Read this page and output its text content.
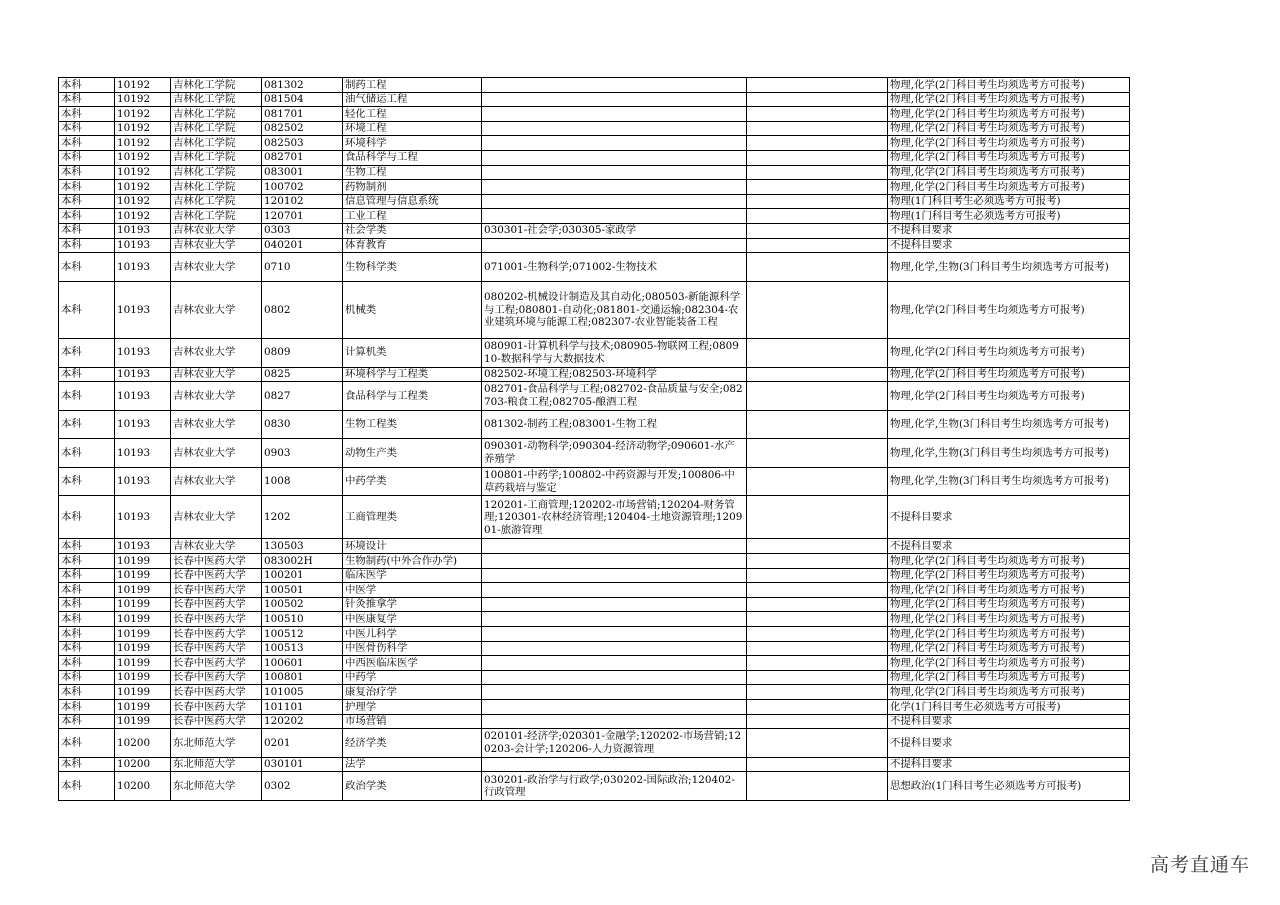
本科	10192	吉林化工学院	081302	制药工程			物理,化学(2门科目考生均须选考方可报考)
本科	10192	吉林化工学院	081504	油气储运工程			物理,化学(2门科目考生均须选考方可报考)
本科	10192	吉林化工学院	081701	轻化工程			物理,化学(2门科目考生均须选考方可报考)
本科	10192	吉林化工学院	082502	环境工程			物理,化学(2门科目考生均须选考方可报考)
本科	10192	吉林化工学院	082503	环境科学			物理,化学(2门科目考生均须选考方可报考)
本科	10192	吉林化工学院	082701	食品科学与工程			物理,化学(2门科目考生均须选考方可报考)
本科	10192	吉林化工学院	083001	生物工程			物理,化学(2门科目考生均须选考方可报考)
本科	10192	吉林化工学院	100702	药物制剂			物理,化学(2门科目考生均须选考方可报考)
本科	10192	吉林化工学院	120102	信息管理与信息系统			物理(1门科目考生必须选考方可报考)
本科	10192	吉林化工学院	120701	工业工程			物理(1门科目考生必须选考方可报考)
本科	10193	吉林农业大学	0303	社会学类	030301-社会学;030305-家政学		不提科目要求
本科	10193	吉林农业大学	040201	体育教育			不提科目要求
本科	10193	吉林农业大学	0710	生物科学类	071001-生物科学;071002-生物技术		物理,化学,生物(3门科目考生均须选考方可报考)
本科	10193	吉林农业大学	0802	机械类	080202-机械设计制造及其自动化;080503-新能源科学与工程;080801-自动化;081801-交通运输;082304-农业建筑环境与能源工程;082307-农业智能装备工程		物理,化学(2门科目考生均须选考方可报考)
本科	10193	吉林农业大学	0809	计算机类	080901-计算机科学与技术;080905-物联网工程;080910-数据科学与大数据技术		物理,化学(2门科目考生均须选考方可报考)
本科	10193	吉林农业大学	0825	环境科学与工程类	082502-环境工程;082503-环境科学		物理,化学(2门科目考生均须选考方可报考)
本科	10193	吉林农业大学	0827	食品科学与工程类	082701-食品科学与工程;082702-食品质量与安全;082703-粮食工程;082705-酿酒工程		物理,化学(2门科目考生均须选考方可报考)
本科	10193	吉林农业大学	0830	生物工程类	081302-制药工程;083001-生物工程		物理,化学,生物(3门科目考生均须选考方可报考)
本科	10193	吉林农业大学	0903	动物生产类	090301-动物科学;090304-经济动物学;090601-水产养殖学		物理,化学,生物(3门科目考生均须选考方可报考)
本科	10193	吉林农业大学	1008	中药学类	100801-中药学;100802-中药资源与开发;100806-中草药栽培与鉴定		物理,化学,生物(3门科目考生均须选考方可报考)
本科	10193	吉林农业大学	1202	工商管理类	120201-工商管理;120202-市场营销;120204-财务管理;120301-农林经济管理;120404-土地资源管理;120901-旅游管理		不提科目要求
本科	10193	吉林农业大学	130503	环境设计			不提科目要求
本科	10199	长春中医药大学	083002H	生物制药(中外合作办学)			物理,化学(2门科目考生均须选考方可报考)
本科	10199	长春中医药大学	100201	临床医学			物理,化学(2门科目考生均须选考方可报考)
本科	10199	长春中医药大学	100501	中医学			物理,化学(2门科目考生均须选考方可报考)
本科	10199	长春中医药大学	100502	针灸推拿学			物理,化学(2门科目考生均须选考方可报考)
本科	10199	长春中医药大学	100510	中医康复学			物理,化学(2门科目考生均须选考方可报考)
本科	10199	长春中医药大学	100512	中医儿科学			物理,化学(2门科目考生均须选考方可报考)
本科	10199	长春中医药大学	100513	中医骨伤科学			物理,化学(2门科目考生均须选考方可报考)
本科	10199	长春中医药大学	100601	中西医临床医学			物理,化学(2门科目考生均须选考方可报考)
本科	10199	长春中医药大学	100801	中药学			物理,化学(2门科目考生均须选考方可报考)
本科	10199	长春中医药大学	101005	康复治疗学			物理,化学(2门科目考生均须选考方可报考)
本科	10199	长春中医药大学	101101	护理学			化学(1门科目考生必须选考方可报考)
本科	10199	长春中医药大学	120202	市场营销			不提科目要求
本科	10200	东北师范大学	0201	经济学类	020101-经济学;020301-金融学;120202-市场营销;120203-会计学;120206-人力资源管理		不提科目要求
本科	10200	东北师范大学	030101	法学			不提科目要求
本科	10200	东北师范大学	0302	政治学类	030201-政治学与行政学;030202-国际政治;120402-行政管理		思想政治(1门科目考生必须选考方可报考)
高考直通车
